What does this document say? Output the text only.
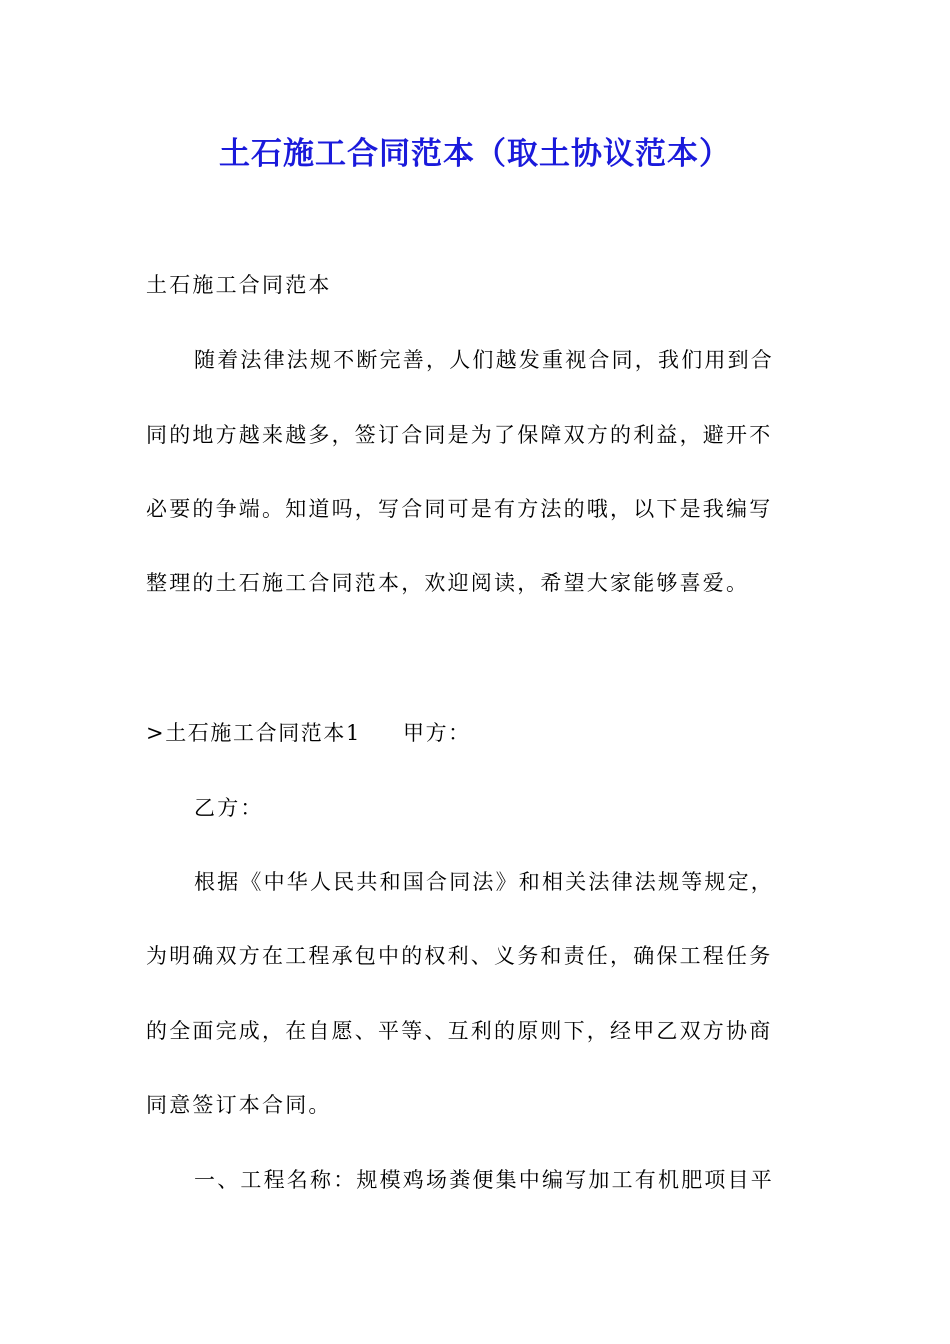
土石施工合同范本（取土协议范本）
土石施工合同范本
随着法律法规不断完善，人们越发重视合同，我们用到合
同的地方越来越多，签订合同是为了保障双方的利益，避开不
必要的争端。知道吗，写合同可是有方法的哦，以下是我编写
整理的土石施工合同范本，欢迎阅读，希望大家能够喜爱。
>土石施工合同范本1 甲方：
乙方：
根据《中华人民共和国合同法》和相关法律法规等规定，
为明确双方在工程承包中的权利、义务和责任，确保工程任务
的全面完成，在自愿、平等、互利的原则下，经甲乙双方协商
同意签订本合同。
一、工程名称：规模鸡场粪便集中编写加工有机肥项目平
